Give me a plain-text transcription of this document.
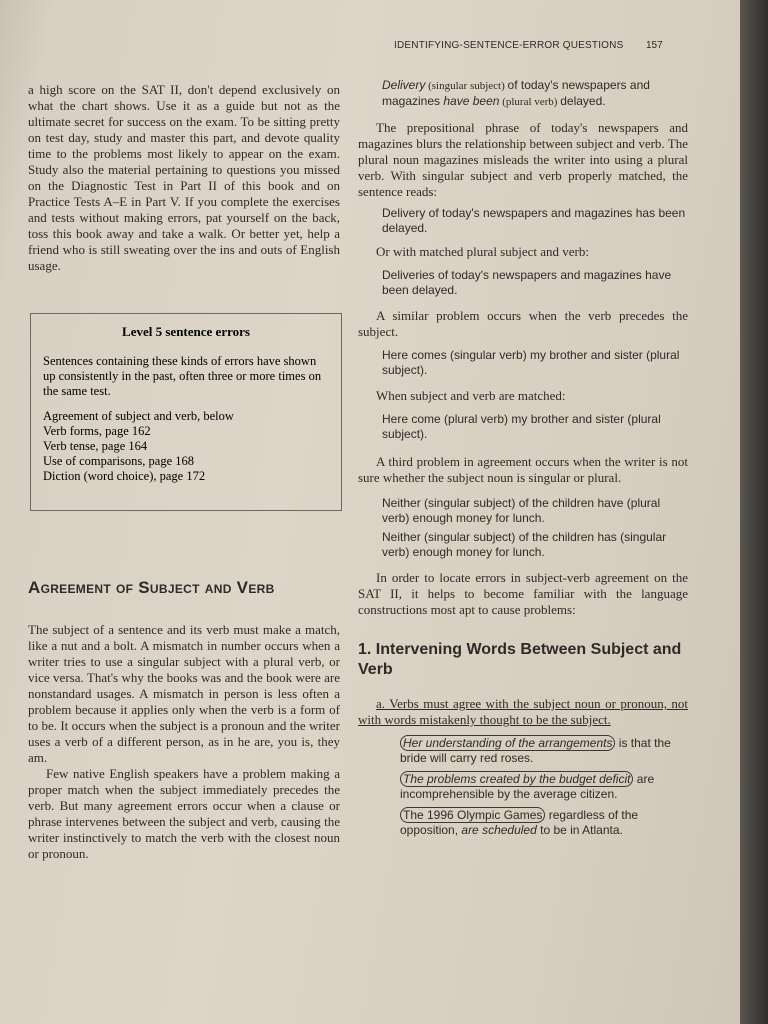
IDENTIFYING-SENTENCE-ERROR QUESTIONS 157

a high score on the SAT II, don't depend exclusively on what the chart shows. Use it as a guide but not as the ultimate secret for success on the exam. To be sitting pretty on test day, study and master this part, and devote quality time to the problems most likely to appear on the exam. Study also the material pertaining to questions you missed on the Diagnostic Test in Part II of this book and on Practice Tests A–E in Part V. If you complete the exercises and tests without making errors, pat yourself on the back, toss this book away and take a walk. Or better yet, help a friend who is still sweating over the ins and outs of English usage.

Level 5 sentence errors

Sentences containing these kinds of errors have shown up consistently in the past, often three or more times on the same test.

Agreement of subject and verb, below

Verb forms, page 162

Verb tense, page 164

Use of comparisons, page 168

Diction (word choice), page 172

Agreement of Subject and Verb

The subject of a sentence and its verb must make a match, like a nut and a bolt. A mismatch in number occurs when a writer tries to use a singular subject with a plural verb, or vice versa. That's why the books was and the book were are nonstandard usages. A mismatch in person is less often a problem because it applies only when the verb is a form of to be. It occurs when the subject is a pronoun and the writer uses a verb of a different person, as in he are, you is, they am.

Few native English speakers have a problem making a proper match when the subject immediately precedes the verb. But many agreement errors occur when a clause or phrase intervenes between the subject and verb, causing the writer instinctively to match the verb with the closest noun or pronoun.

Delivery (singular subject) of today's newspapers and magazines have been (plural verb) delayed.

The prepositional phrase of today's newspapers and magazines blurs the relationship between subject and verb. The plural noun magazines misleads the writer into using a plural verb. With singular subject and verb properly matched, the sentence reads:

Delivery of today's newspapers and magazines has been delayed.

Or with matched plural subject and verb:

Deliveries of today's newspapers and magazines have been delayed.

A similar problem occurs when the verb precedes the subject.

Here comes (singular verb) my brother and sister (plural subject).

When subject and verb are matched:

Here come (plural verb) my brother and sister (plural subject).

A third problem in agreement occurs when the writer is not sure whether the subject noun is singular or plural.

Neither (singular subject) of the children have (plural verb) enough money for lunch.

Neither (singular subject) of the children has (singular verb) enough money for lunch.

In order to locate errors in subject-verb agreement on the SAT II, it helps to become familiar with the language constructions most apt to cause problems:

1. Intervening Words Between Subject and Verb

a. Verbs must agree with the subject noun or pronoun, not with words mistakenly thought to be the subject.

Her understanding of the arrangements is that the bride will carry red roses.

The problems created by the budget deficit are incomprehensible by the average citizen.

The 1996 Olympic Games regardless of the opposition, are scheduled to be in Atlanta.
